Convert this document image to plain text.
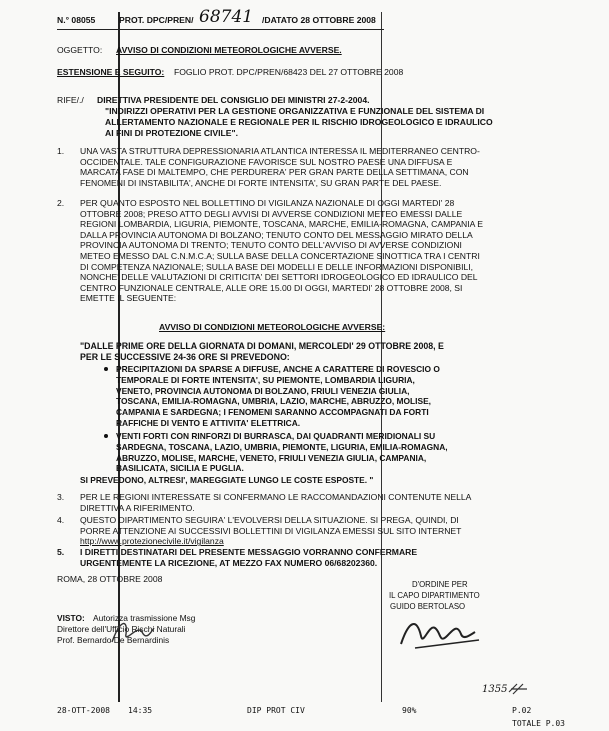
N.° 08055	PROT. DPC/PREN/ 68741 /DATATO 28 OTTOBRE 2008
OGGETTO: AVVISO DI CONDIZIONI METEOROLOGICHE AVVERSE.
ESTENSIONE E SEGUITO: FOGLIO PROT. DPC/PREN/68423 DEL 27 OTTOBRE 2008
RIFE/./ DIRETTIVA PRESIDENTE DEL CONSIGLIO DEI MINISTRI 27-2-2004.
"INDIRIZZI OPERATIVI PER LA GESTIONE ORGANIZZATIVA E FUNZIONALE DEL SISTEMA DI
ALLERTAMENTO NAZIONALE E REGIONALE PER IL RISCHIO IDROGEOLOGICO E IDRAULICO
AI FINI DI PROTEZIONE CIVILE".
1. UNA VASTA STRUTTURA DEPRESSIONARIA ATLANTICA INTERESSA IL MEDITERRANEO CENTRO-
OCCIDENTALE. TALE CONFIGURAZIONE FAVORISCE SUL NOSTRO PAESE UNA DIFFUSA E
MARCATA FASE DI MALTEMPO, CHE PERDURERA' PER GRAN PARTE DELLA SETTIMANA, CON
FENOMENI DI INSTABILITA', ANCHE DI FORTE INTENSITA', SU GRAN PARTE DEL PAESE.
2. PER QUANTO ESPOSTO NEL BOLLETTINO DI VIGILANZA NAZIONALE DI OGGI MARTEDI' 28
OTTOBRE 2008; PRESO ATTO DEGLI AVVISI DI AVVERSE CONDIZIONI METEO EMESSI DALLE
REGIONI LOMBARDIA, LIGURIA, PIEMONTE, TOSCANA, MARCHE, EMILIA-ROMAGNA, CAMPANIA E
DALLA PROVINCIA AUTONOMA DI BOLZANO; TENUTO CONTO DEL MESSAGGIO MIRATO DELLA
PROVINCIA AUTONOMA DI TRENTO; TENUTO CONTO DELL'AVVISO DI AVVERSE CONDIZIONI
METEO EMESSO DAL C.N.M.C.A; SULLA BASE DELLA CONCERTAZIONE SINOTTICA TRA I CENTRI
DI COMPETENZA NAZIONALE; SULLA BASE DEI MODELLI E DELLE INFORMAZIONI DISPONIBILI,
NONCHE' DELLE VALUTAZIONI DI CRITICITA' DEI SETTORI IDROGEOLOGICO ED IDRAULICO DEL
CENTRO FUNZIONALE CENTRALE, ALLE ORE 15.00 DI OGGI, MARTEDI' 28 OTTOBRE 2008, SI
EMETTE IL SEGUENTE:
AVVISO DI CONDIZIONI METEOROLOGICHE AVVERSE:
"DALLE PRIME ORE DELLA GIORNATA DI DOMANI, MERCOLEDI' 29 OTTOBRE 2008, E
PER LE SUCCESSIVE 24-36 ORE SI PREVEDONO:
PRECIPITAZIONI DA SPARSE A DIFFUSE, ANCHE A CARATTERE DI ROVESCIO O
TEMPORALE DI FORTE INTENSITA', SU PIEMONTE, LOMBARDIA LIGURIA,
VENETO, PROVINCIA AUTONOMA DI BOLZANO, FRIULI VENEZIA GIULIA,
TOSCANA, EMILIA-ROMAGNA, UMBRIA, LAZIO, MARCHE, ABRUZZO, MOLISE,
CAMPANIA E SARDEGNA; I FENOMENI SARANNO ACCOMPAGNATI DA FORTI
RAFFICHE DI VENTO E ATTIVITA' ELETTRICA.
VENTI FORTI CON RINFORZI DI BURRASCA, DAI QUADRANTI MERIDIONALI SU
SARDEGNA, TOSCANA, LAZIO, UMBRIA, PIEMONTE, LIGURIA, EMILIA-ROMAGNA,
ABRUZZO, MOLISE, MARCHE, VENETO, FRIULI VENEZIA GIULIA, CAMPANIA,
BASILICATA, SICILIA E PUGLIA.
SI PREVEDONO, ALTRESI', MAREGGIATE LUNGO LE COSTE ESPOSTE. "
3. PER LE REGIONI INTERESSATE SI CONFERMANO LE RACCOMANDAZIONI CONTENUTE NELLA
DIRETTIVA A RIFERIMENTO.
4. QUESTO DIPARTIMENTO SEGUIRA' L'EVOLVERSI DELLA SITUAZIONE. SI PREGA, QUINDI, DI
PORRE ATTENZIONE AI SUCCESSIVI BOLLETTINI DI VIGILANZA EMESSI SUL SITO INTERNET
http://www.protezionecivile.it/vigilanza
5. I DIRETTI DESTINATARI DEL PRESENTE MESSAGGIO VORRANNO CONFERMARE
URGENTEMENTE LA RICEZIONE, AT MEZZO FAX NUMERO 06/68202360.
ROMA, 28 OTTOBRE 2008
D'ORDINE PER
IL CAPO DIPARTIMENTO
GUIDO BERTOLASO
VISTO: Autorizza trasmissione Msg
Direttore dell'Ufficio Rischi Naturali
Prof. Bernardo De Bernardinis
1355
28-OTT-2008 14:35	DIP PROT CIV	90%	P.02
TOTALE P.03
